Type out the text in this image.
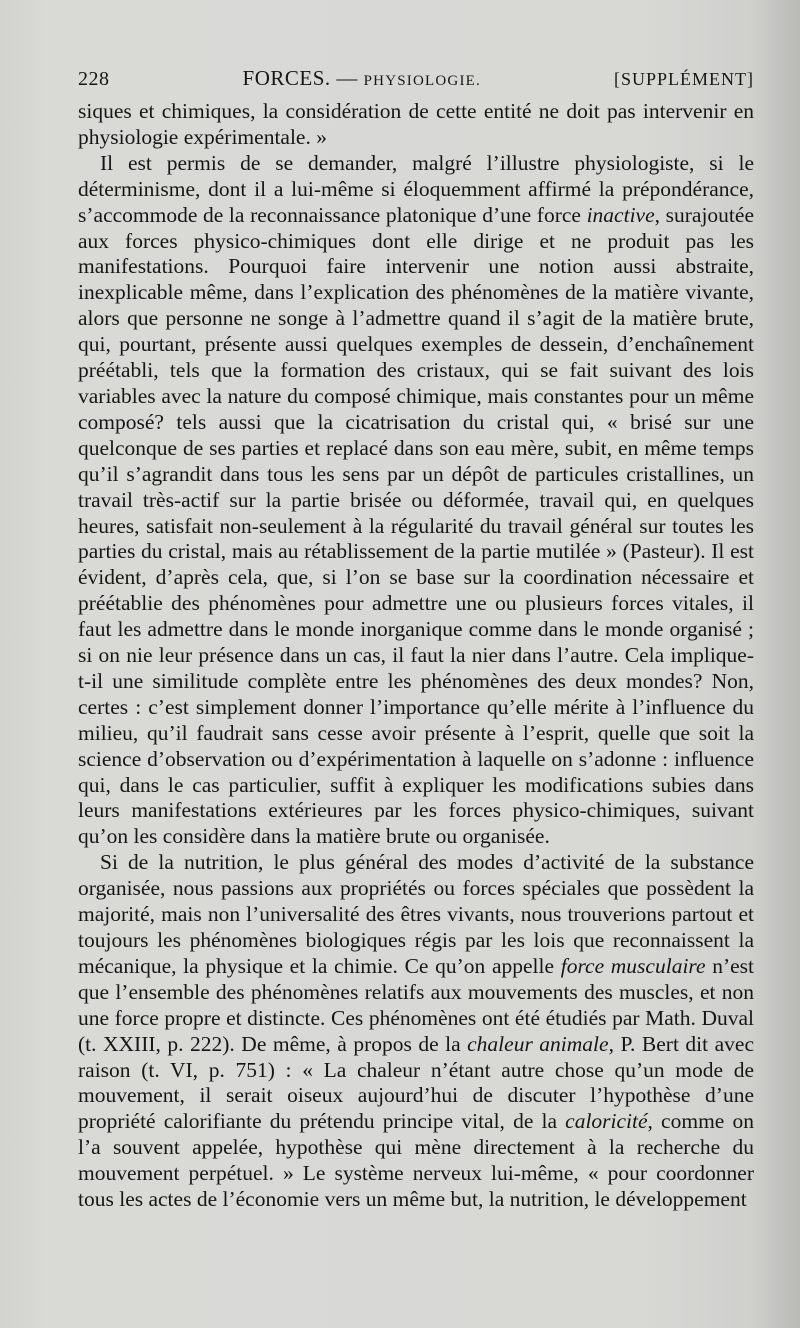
228	FORCES. — PHYSIOLOGIE.	[SUPPLÉMENT]

siques et chimiques, la considération de cette entité ne doit pas intervenir en physiologie expérimentale. »

Il est permis de se demander, malgré l’illustre physiologiste, si le déterminisme, dont il a lui-même si éloquemment affirmé la prépondérance, s’accommode de la reconnaissance platonique d’une force inactive, surajoutée aux forces physico-chimiques dont elle dirige et ne produit pas les manifestations. Pourquoi faire intervenir une notion aussi abstraite, inexplicable même, dans l’explication des phénomènes de la matière vivante, alors que personne ne songe à l’admettre quand il s’agit de la matière brute, qui, pourtant, présente aussi quelques exemples de dessein, d’enchaînement préétabli, tels que la formation des cristaux, qui se fait suivant des lois variables avec la nature du composé chimique, mais constantes pour un même composé? tels aussi que la cicatrisation du cristal qui, « brisé sur une quelconque de ses parties et replacé dans son eau mère, subit, en même temps qu’il s’agrandit dans tous les sens par un dépôt de particules cristallines, un travail très-actif sur la partie brisée ou déformée, travail qui, en quelques heures, satisfait non-seulement à la régularité du travail général sur toutes les parties du cristal, mais au rétablissement de la partie mutilée » (Pasteur). Il est évident, d’après cela, que, si l’on se base sur la coordination nécessaire et préétablie des phénomènes pour admettre une ou plusieurs forces vitales, il faut les admettre dans le monde inorganique comme dans le monde organisé ; si on nie leur présence dans un cas, il faut la nier dans l’autre. Cela implique-t-il une similitude complète entre les phénomènes des deux mondes? Non, certes : c’est simplement donner l’importance qu’elle mérite à l’influence du milieu, qu’il faudrait sans cesse avoir présente à l’esprit, quelle que soit la science d’observation ou d’expérimentation à laquelle on s’adonne : influence qui, dans le cas particulier, suffit à expliquer les modifications subies dans leurs manifestations extérieures par les forces physico-chimiques, suivant qu’on les considère dans la matière brute ou organisée.

Si de la nutrition, le plus général des modes d’activité de la substance organisée, nous passions aux propriétés ou forces spéciales que possèdent la majorité, mais non l’universalité des êtres vivants, nous trouverions partout et toujours les phénomènes biologiques régis par les lois que reconnaissent la mécanique, la physique et la chimie. Ce qu’on appelle force musculaire n’est que l’ensemble des phénomènes relatifs aux mouvements des muscles, et non une force propre et distincte. Ces phénomènes ont été étudiés par Math. Duval (t. XXIII, p. 222). De même, à propos de la chaleur animale, P. Bert dit avec raison (t. VI, p. 751) : « La chaleur n’étant autre chose qu’un mode de mouvement, il serait oiseux aujourd’hui de discuter l’hypothèse d’une propriété calorifiante du prétendu principe vital, de la caloricité, comme on l’a souvent appelée, hypothèse qui mène directement à la recherche du mouvement perpétuel. » Le système nerveux lui-même, « pour coordonner tous les actes de l’économie vers un même but, la nutrition, le développement
